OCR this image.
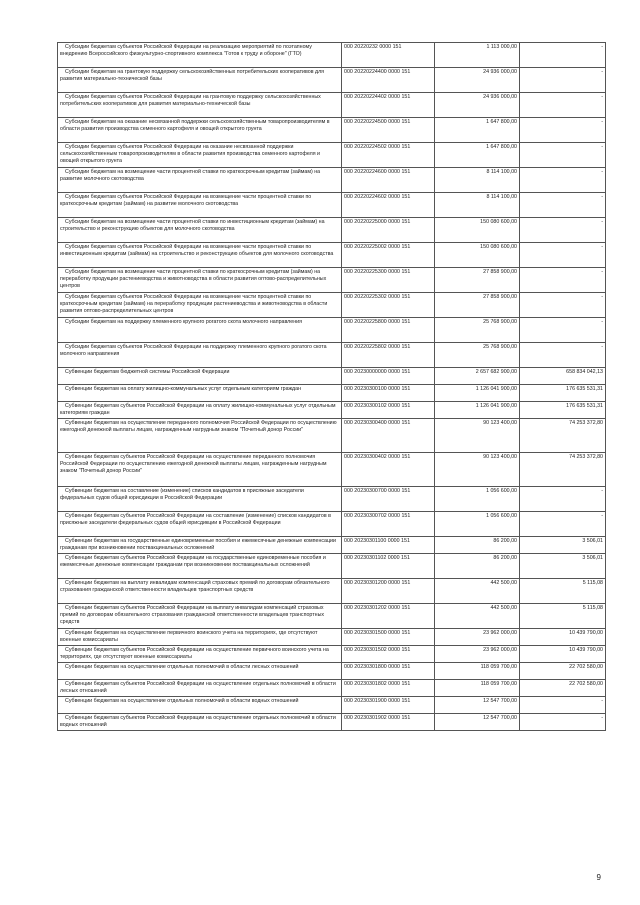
Субсидии бюджетам субъектов Российской Федерации на реализацию мероприятий по поэтапному внедрению Всероссийского физкультурно-спортивного комплекса "Готов к труду и обороне" (ГТО)	000 20220232 0000 151	1 113 000,00	-
Субсидии бюджетам на грантовую поддержку сельскохозяйственных потребительских кооперативов для развития материально-технической базы	000 20220224400 0000 151	24 936 000,00	-
Субсидии бюджетам субъектов Российской Федерации на грантовую поддержку сельскохозяйственных потребительских кооперативов для развития материально-технической базы	000 20220224402 0000 151	24 936 000,00	-
Субсидии бюджетам на оказание несвязанной поддержки сельскохозяйственным товаропроизводителям в области развития производства семенного картофеля и овощей открытого грунта	000 20220224500 0000 151	1 647 800,00	-
Субсидии бюджетам субъектов Российской Федерации на оказание несвязанной поддержки сельскохозяйственным товаропроизводителям в области развития производства семенного картофеля и овощей открытого грунта	000 20220224502 0000 151	1 647 800,00	-
Субсидии бюджетам на возмещение части процентной ставки по краткосрочным кредитам (займам) на развитие молочного скотоводства	000 20220224600 0000 151	8 114 100,00	-
Субсидии бюджетам субъектов Российской Федерации на возмещение части процентной ставки по краткосрочным кредитам (займам) на развитие молочного скотоводства	000 20220224602 0000 151	8 114 100,00	-
Субсидии бюджетам на возмещение части процентной ставки по инвестиционным кредитам (займам) на строительство и реконструкцию объектов для молочного скотоводства	000 20220225000 0000 151	150 080 600,00	-
Субсидии бюджетам субъектов Российской Федерации на возмещение части процентной ставки по инвестиционным кредитам (займам) на строительство и реконструкцию объектов для молочного скотоводства	000 20220225002 0000 151	150 080 600,00	-
Субсидии бюджетам на возмещение части процентной ставки по краткосрочным кредитам (займам) на переработку продукции растениеводства и животноводства в области развития оптово-распределительных центров	000 20220225300 0000 151	27 858 900,00	-
Субсидии бюджетам субъектов Российской Федерации на возмещение части процентной ставки по краткосрочным кредитам (займам) на переработку продукции растениеводства и животноводства в области развития оптово-распределительных центров	000 20220225302 0000 151	27 858 900,00	-
Субсидии бюджетам на поддержку племенного крупного рогатого скота молочного направления	000 20220225800 0000 151	25 768 900,00	-
Субсидии бюджетам субъектов Российской Федерации на поддержку племенного крупного рогатого скота молочного направления	000 20220225802 0000 151	25 768 900,00	-
Субвенции бюджетам бюджетной системы Российской Федерации	000 20230000000 0000 151	2 657 682 900,00	658 834 042,13
Субвенции бюджетам на оплату жилищно-коммунальных услуг отдельным категориям граждан	000 20230300100 0000 151	1 126 041 900,00	176 635 531,31
Субвенции бюджетам субъектов Российской Федерации на оплату жилищно-коммунальных услуг отдельным категориям граждан	000 20230300102 0000 151	1 126 041 900,00	176 635 531,31
Субвенции бюджетам на осуществление переданного полномочия Российской Федерации по осуществлению ежегодной денежной выплаты лицам, награжденным нагрудным знаком "Почетный донор России"	000 20230300400 0000 151	90 123 400,00	74 253 372,80
Субвенции бюджетам субъектов Российской Федерации на осуществление переданного полномочия Российской Федерации по осуществлению ежегодной денежной выплаты лицам, награжденным нагрудным знаком "Почетный донор России"	000 20230300402 0000 151	90 123 400,00	74 253 372,80
Субвенции бюджетам на составление (изменение) списков кандидатов в присяжные заседатели федеральных судов общей юрисдикции в Российской Федерации	000 20230300700 0000 151	1 056 600,00	-
Субвенции бюджетам субъектов Российской Федерации на составление (изменение) списков кандидатов в присяжные заседатели федеральных судов общей юрисдикции в Российской Федерации	000 20230300702 0000 151	1 056 600,00	-
Субвенции бюджетам на государственные единовременные пособия и ежемесячные денежные компенсации гражданам при возникновении поствакцинальных осложнений	000 20230301100 0000 151	86 200,00	3 506,01
Субвенции бюджетам субъектов Российской Федерации на государственные единовременные пособия и ежемесячные денежные компенсации гражданам при возникновении поствакцинальных осложнений	000 20230301102 0000 151	86 200,00	3 506,01
Субвенции бюджетам на выплату инвалидам компенсаций страховых премий по договорам обязательного страхования гражданской ответственности владельцев транспортных средств	000 20230301200 0000 151	442 500,00	5 115,08
Субвенции бюджетам субъектов Российской Федерации на выплату инвалидам компенсаций страховых премий по договорам обязательного страхования гражданской ответственности владельцев транспортных средств	000 20230301202 0000 151	442 500,00	5 115,08
Субвенции бюджетам на осуществление первичного воинского учета на территориях, где отсутствуют военные комиссариаты	000 20230301500 0000 151	23 962 000,00	10 439 790,00
Субвенции бюджетам субъектов Российской Федерации на осуществление первичного воинского учета на территориях, где отсутствуют военные комиссариаты	000 20230301502 0000 151	23 962 000,00	10 439 790,00
Субвенции бюджетам на осуществление отдельных полномочий в области лесных отношений	000 20230301800 0000 151	118 059 700,00	22 702 580,00
Субвенции бюджетам субъектов Российской Федерации на осуществление отдельных полномочий в области лесных отношений	000 20230301802 0000 151	118 059 700,00	22 702 580,00
Субвенции бюджетам на осуществление отдельных полномочий в области водных отношений	000 20230301900 0000 151	12 547 700,00	-
Субвенции бюджетам субъектов Российской Федерации на осуществление отдельных полномочий в области водных отношений	000 20230301902 0000 151	12 547 700,00	-
9
